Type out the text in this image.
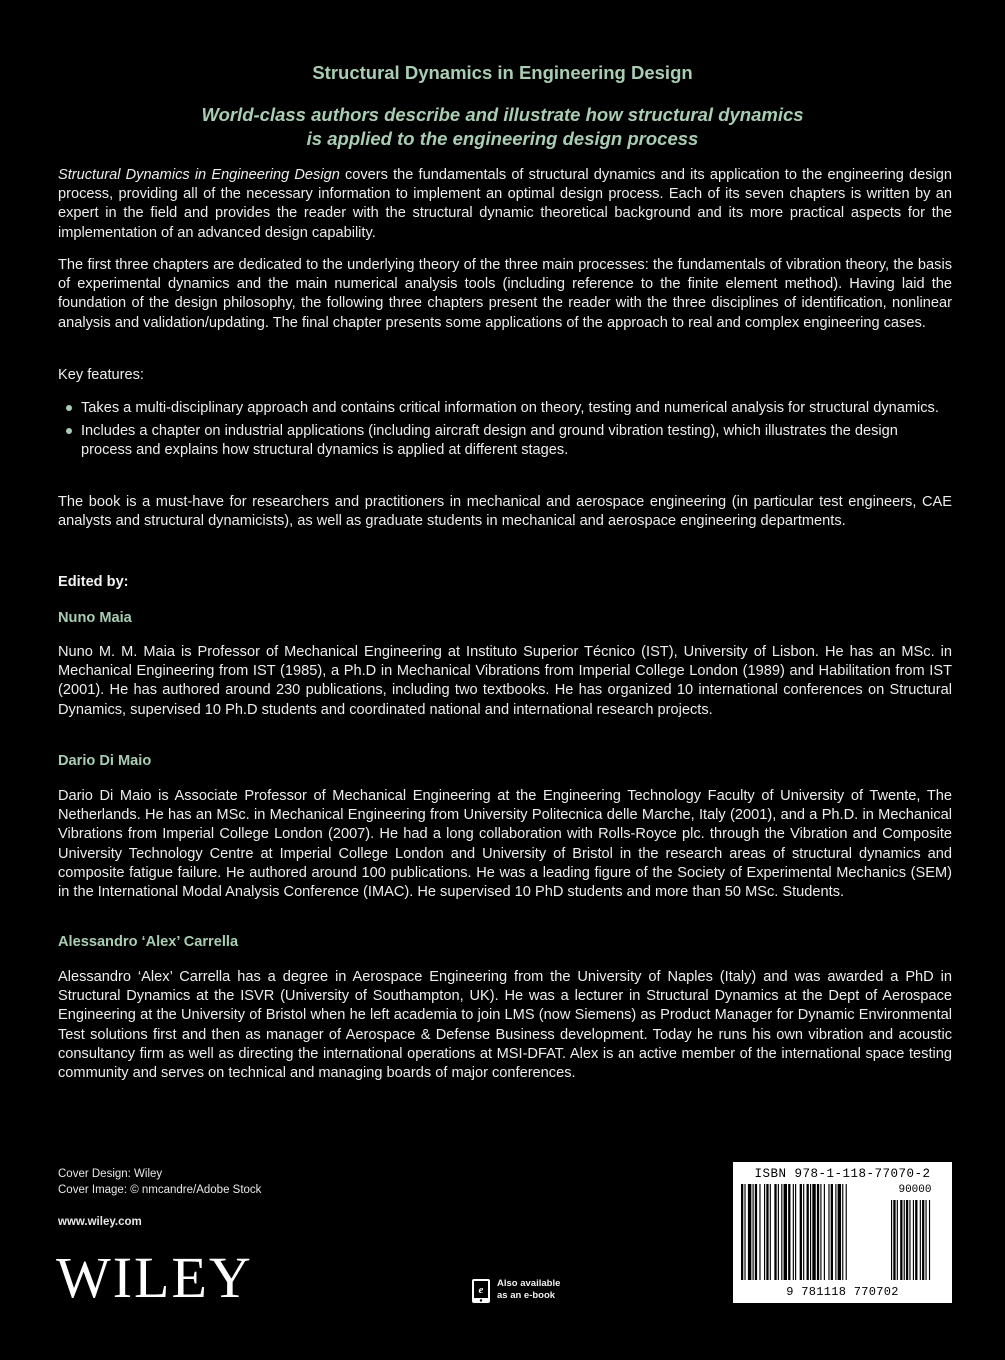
Structural Dynamics in Engineering Design
World-class authors describe and illustrate how structural dynamics
is applied to the engineering design process

Structural Dynamics in Engineering Design covers the fundamentals of structural dynamics and its application to the engineering design process, providing all of the necessary information to implement an optimal design process. Each of its seven chapters is written by an expert in the field and provides the reader with the structural dynamic theoretical background and its more practical aspects for the implementation of an advanced design capability.

The first three chapters are dedicated to the underlying theory of the three main processes: the fundamentals of vibration theory, the basis of experimental dynamics and the main numerical analysis tools (including reference to the finite element method). Having laid the foundation of the design philosophy, the following three chapters present the reader with the three disciplines of identification, nonlinear analysis and validation/updating. The final chapter presents some applications of the approach to real and complex engineering cases.

Key features:

Takes a multi-disciplinary approach and contains critical information on theory, testing and numerical analysis for structural dynamics.
Includes a chapter on industrial applications (including aircraft design and ground vibration testing), which illustrates the design process and explains how structural dynamics is applied at different stages.

The book is a must-have for researchers and practitioners in mechanical and aerospace engineering (in particular test engineers, CAE analysts and structural dynamicists), as well as graduate students in mechanical and aerospace engineering departments.

Edited by:
Nuno Maia

Nuno M. M. Maia is Professor of Mechanical Engineering at Instituto Superior Técnico (IST), University of Lisbon. He has an MSc. in Mechanical Engineering from IST (1985), a Ph.D in Mechanical Vibrations from Imperial College London (1989) and Habilitation from IST (2001). He has authored around 230 publications, including two textbooks. He has organized 10 international conferences on Structural Dynamics, supervised 10 Ph.D students and coordinated national and international research projects.

Dario Di Maio

Dario Di Maio is Associate Professor of Mechanical Engineering at the Engineering Technology Faculty of University of Twente, The Netherlands. He has an MSc. in Mechanical Engineering from University Politecnica delle Marche, Italy (2001), and a Ph.D. in Mechanical Vibrations from Imperial College London (2007). He had a long collaboration with Rolls-Royce plc. through the Vibration and Composite University Technology Centre at Imperial College London and University of Bristol in the research areas of structural dynamics and composite fatigue failure. He authored around 100 publications. He was a leading figure of the Society of Experimental Mechanics (SEM) in the International Modal Analysis Conference (IMAC). He supervised 10 PhD students and more than 50 MSc. Students.

Alessandro ‘Alex’ Carrella

Alessandro ‘Alex’ Carrella has a degree in Aerospace Engineering from the University of Naples (Italy) and was awarded a PhD in Structural Dynamics at the ISVR (University of Southampton, UK). He was a lecturer in Structural Dynamics at the Dept of Aerospace Engineering at the University of Bristol when he left academia to join LMS (now Siemens) as Product Manager for Dynamic Environmental Test solutions first and then as manager of Aerospace & Defense Business development. Today he runs his own vibration and acoustic consultancy firm as well as directing the international operations at MSI-DFAT. Alex is an active member of the international space testing community and serves on technical and managing boards of major conferences.

Cover Design: Wiley
Cover Image: © nmcandre/Adobe Stock
www.wiley.com
WILEY	e
Also available
as an e-book
ISBN 978-1-118-77070-2
90000
9 781118 770702
